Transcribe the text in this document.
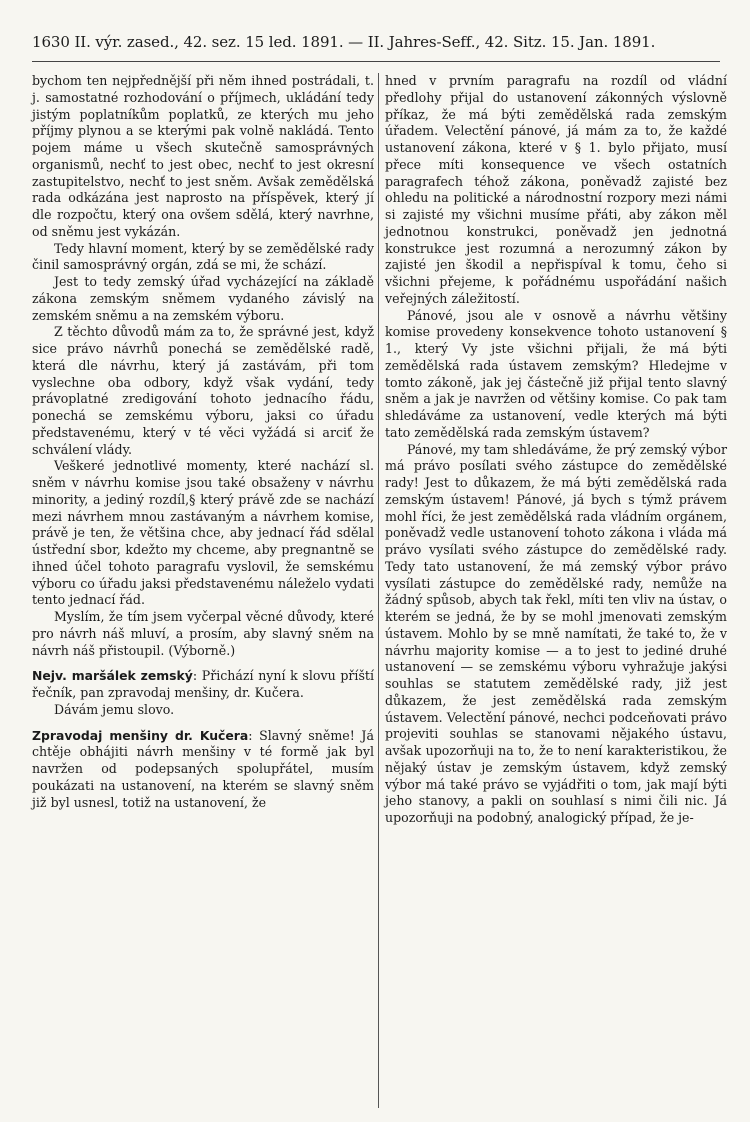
1630 II. výr. zased., 42. sez. 15 led. 1891. — II. Jahres-Seff., 42. Sitz. 15. Jan. 1891.

bychom ten nejpřednější při něm ihned postrádali, t. j. samostatné rozhodování o příjmech, ukládání tedy jistým poplatníkům poplatků, ze kterých mu jeho příjmy plynou a se kterými pak volně nakládá. Tento pojem máme u všech skutečně samosprávných organismů, nechť to jest obec, nechť to jest okresní zastupitelstvo, nechť to jest sněm. Avšak zemědělská rada odkázána jest naprosto na příspěvek, který jí dle rozpočtu, který ona ovšem sdělá, který navrhne, od sněmu jest vykázán.

Tedy hlavní moment, který by se zemědělské rady činil samosprávný orgán, zdá se mi, že schází.

Jest to tedy zemský úřad vycházející na základě zákona zemským sněmem vydaného závislý na zemském sněmu a na zemském výboru.

Z těchto důvodů mám za to, že správné jest, když sice právo návrhů ponechá se zemědělské radě, která dle návrhu, který já zastávám, při tom vyslechne oba odbory, když však vydání, tedy právoplatné zredigování tohoto jednacího řádu, ponechá se zemskému výboru, jaksi co úřadu představenému, který v té věci vyžádá si arciť že schválení vlády.

Veškeré jednotlivé momenty, které nachází sl. sněm v návrhu komise jsou také obsaženy v návrhu minority, a jediný rozdíl,§ který právě zde se nachází mezi návrhem mnou zastávaným a návrhem komise, právě je ten, že většina chce, aby jednací řád sdělal ústřední sbor, kdežto my chceme, aby pregnantně se ihned účel tohoto paragrafu vyslovil, že semskému výboru co úřadu jaksi představenému náleželo vydati tento jednací řád.

Myslím, že tím jsem vyčerpal věcné důvody, které pro návrh náš mluví, a prosím, aby slavný sněm na návrh náš přistoupil. (Výborně.)

Nejv. maršálek zemský: Přichází nyní k slovu příští řečník, pan zpravodaj menšiny, dr. Kučera.

Dávám jemu slovo.

Zpravodaj menšiny dr. Kučera: Slavný sněme! Já chtěje obhájiti návrh menšiny v té formě jak byl navržen od podepsaných spolupřátel, musím poukázati na ustanovení, na kterém se slavný sněm již byl usnesl, totiž na ustanovení, že

hned v prvním paragrafu na rozdíl od vládní předlohy přijal do ustanovení zákonných výslovně příkaz, že má býti zemědělská rada zemským úřadem. Velectění pánové, já mám za to, že každé ustanovení zákona, které v § 1. bylo přijato, musí přece míti konsequence ve všech ostatních paragrafech téhož zákona, poněvadž zajisté bez ohledu na politické a národnostní rozpory mezi námi si zajisté my všichni musíme přáti, aby zákon měl jednotnou konstrukci, poněvadž jen jednotná konstrukce jest rozumná a nerozumný zákon by zajisté jen škodil a nepřispíval k tomu, čeho si všichni přejeme, k pořádnému uspořádání našich veřejných záležitostí.

Pánové, jsou ale v osnově a návrhu většiny komise provedeny konsekvence tohoto ustanovení § 1., který Vy jste všichni přijali, že má býti zemědělská rada ústavem zemským? Hledejme v tomto zákoně, jak jej částečně již přijal tento slavný sněm a jak je navržen od většiny komise. Co pak tam shledáváme za ustanovení, vedle kterých má býti tato zemědělská rada zemským ústavem?

Pánové, my tam shledáváme, že prý zemský výbor má právo posílati svého zástupce do zemědělské rady! Jest to důkazem, že má býti zemědělská rada zemským ústavem! Pánové, já bych s týmž právem mohl říci, že jest zemědělská rada vládním orgánem, poněvadž vedle ustanovení tohoto zákona i vláda má právo vysílati svého zástupce do zemědělské rady. Tedy tato ustanovení, že má zemský výbor právo vysílati zástupce do zemědělské rady, nemůže na žádný spůsob, abych tak řekl, míti ten vliv na ústav, o kterém se jedná, že by se mohl jmenovati zemským ústavem. Mohlo by se mně namítati, že také to, že v návrhu majority komise — a to jest to jediné druhé ustanovení — se zemskému výboru vyhražuje jakýsi souhlas se statutem zemědělské rady, již jest důkazem, že jest zemědělská rada zemským ústavem. Velectění pánové, nechci podceňovati právo projeviti souhlas se stanovami nějakého ústavu, avšak upozorňuji na to, že to není karakteristikou, že nějaký ústav je zemským ústavem, když zemský výbor má také právo se vyjádřiti o tom, jak mají býti jeho stanovy, a pakli on souhlasí s nimi čili nic. Já upozorňuji na podobný, analogický případ, že je-
